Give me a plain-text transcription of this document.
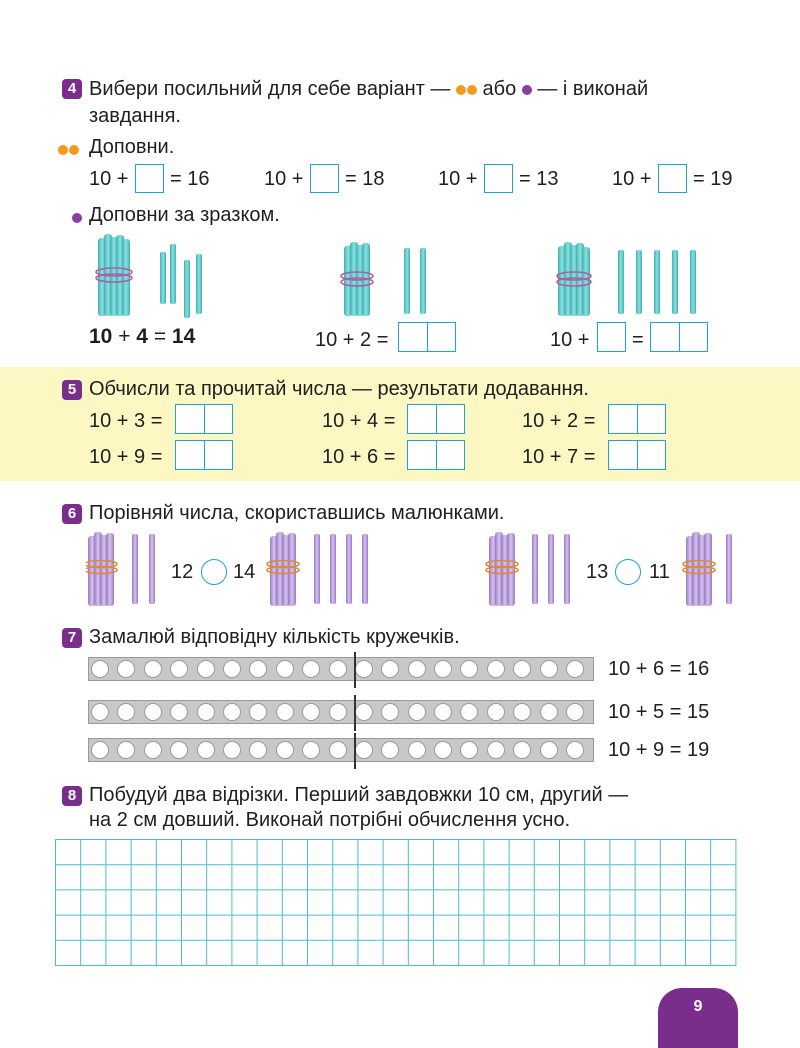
4 Вибери посильний для себе варіант —  або  — і виконай
завдання.
Доповни.
10 + = 16	10 + = 18	10 + = 13	10 + = 19
Доповни за зразком.
10 + 4 = 14	10 + 2 =	10 + =
5 Обчисли та прочитай числа — результати додавання.
10 + 3 =	10 + 4 =	10 + 2 =
10 + 9 =	10 + 6 =	10 + 7 =
6 Порівняй числа, скориставшись малюнками.
12 14	13 11
7 Замалюй відповідну кількість кружечків.
10 + 6 = 16
10 + 5 = 15
10 + 9 = 19
8 Побудуй два відрізки. Перший завдовжки 10 см, другий —
на 2 см довший. Виконай потрібні обчислення усно.
9
